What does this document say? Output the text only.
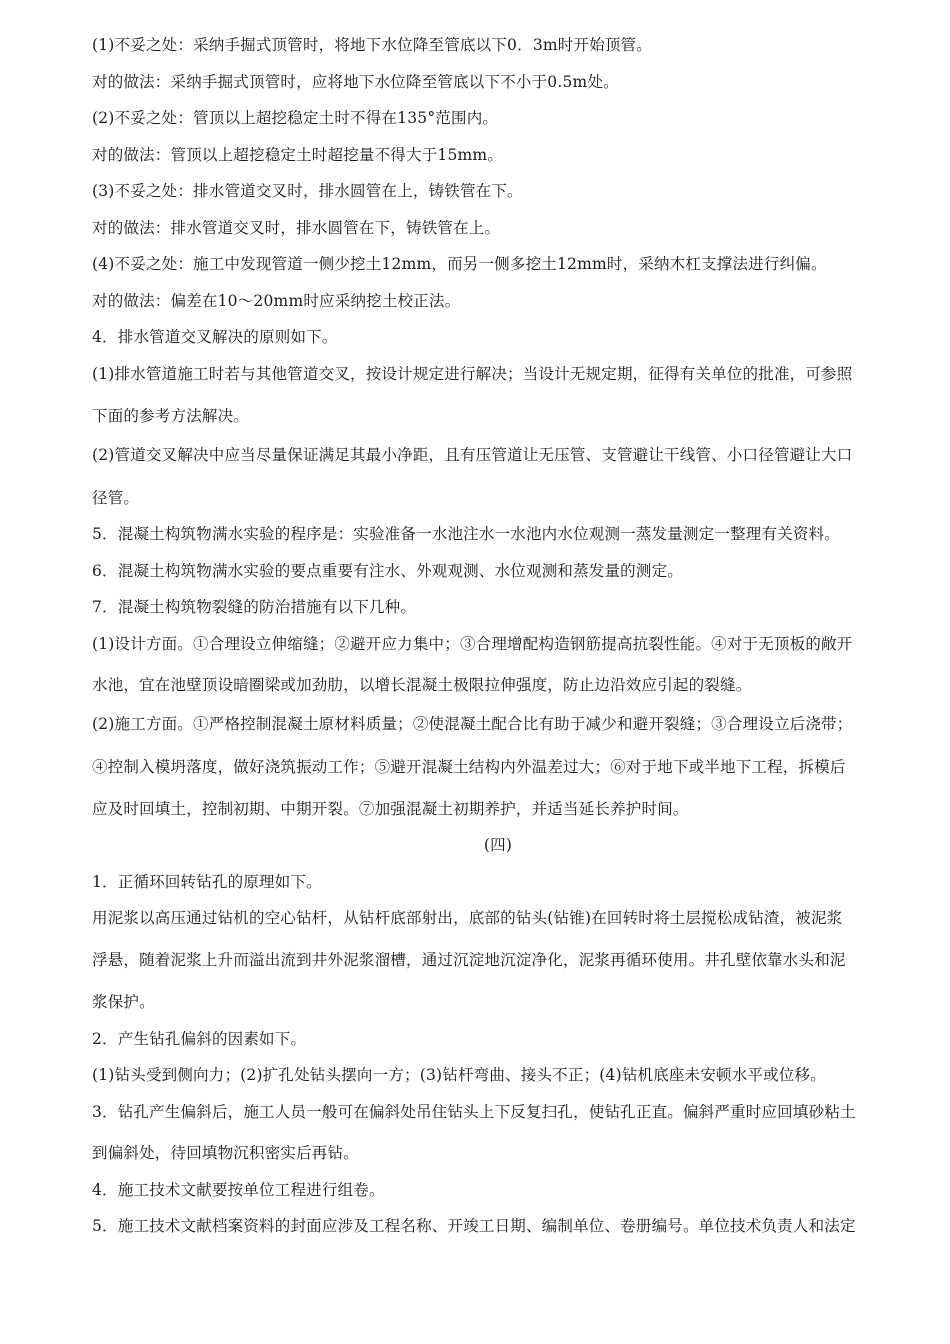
(1)不妥之处：采纳手掘式顶管时，将地下水位降至管底以下0．3m时开始顶管。

对的做法：采纳手掘式顶管时，应将地下水位降至管底以下不小于0.5m处。

(2)不妥之处：管顶以上超挖稳定土时不得在135°范围内。

对的做法：管顶以上超挖稳定土时超挖量不得大于15mm。

(3)不妥之处：排水管道交叉时，排水圆管在上，铸铁管在下。

对的做法：排水管道交叉时，排水圆管在下，铸铁管在上。

(4)不妥之处：施工中发现管道一侧少挖土12mm，而另一侧多挖土12mm时，采纳木杠支撑法进行纠偏。

对的做法：偏差在10～20mm时应采纳挖土校正法。

4．排水管道交叉解决的原则如下。

(1)排水管道施工时若与其他管道交叉，按设计规定进行解决；当设计无规定期，征得有关单位的批准，可参照

下面的参考方法解决。

(2)管道交叉解决中应当尽量保证满足其最小净距，且有压管道让无压管、支管避让干线管、小口径管避让大口

径管。

5．混凝土构筑物满水实验的程序是：实验准备一水池注水一水池内水位观测一蒸发量测定一整理有关资料。

6．混凝土构筑物满水实验的要点重要有注水、外观观测、水位观测和蒸发量的测定。

7．混凝土构筑物裂缝的防治措施有以下几种。

(1)设计方面。①合理设立伸缩缝；②避开应力集中；③合理增配构造钢筋提高抗裂性能。④对于无顶板的敞开

水池，宜在池壁顶设暗圈梁或加劲肋，以增长混凝土极限拉伸强度，防止边沿效应引起的裂缝。

(2)施工方面。①严格控制混凝土原材料质量；②使混凝土配合比有助于减少和避开裂缝；③合理设立后浇带；

④控制入模坍落度，做好浇筑振动工作；⑤避开混凝土结构内外温差过大；⑥对于地下或半地下工程，拆模后

应及时回填土，控制初期、中期开裂。⑦加强混凝土初期养护，并适当延长养护时间。

(四)

1．正循环回转钻孔的原理如下。

用泥浆以高压通过钻机的空心钻杆，从钻杆底部射出，底部的钻头(钻锥)在回转时将土层搅松成钻渣，被泥浆

浮悬，随着泥浆上升而溢出流到井外泥浆溜槽，通过沉淀地沉淀净化，泥浆再循环使用。井孔壁依靠水头和泥

浆保护。

2．产生钻孔偏斜的因素如下。

(1)钻头受到侧向力；(2)扩孔处钻头摆向一方；(3)钻杆弯曲、接头不正；(4)钻机底座未安顿水平或位移。

3．钻孔产生偏斜后，施工人员一般可在偏斜处吊住钻头上下反复扫孔，使钻孔正直。偏斜严重时应回填砂粘土

到偏斜处，待回填物沉积密实后再钻。

4．施工技术文献要按单位工程进行组卷。

5．施工技术文献档案资料的封面应涉及工程名称、开竣工日期、编制单位、卷册编号。单位技术负责人和法定
